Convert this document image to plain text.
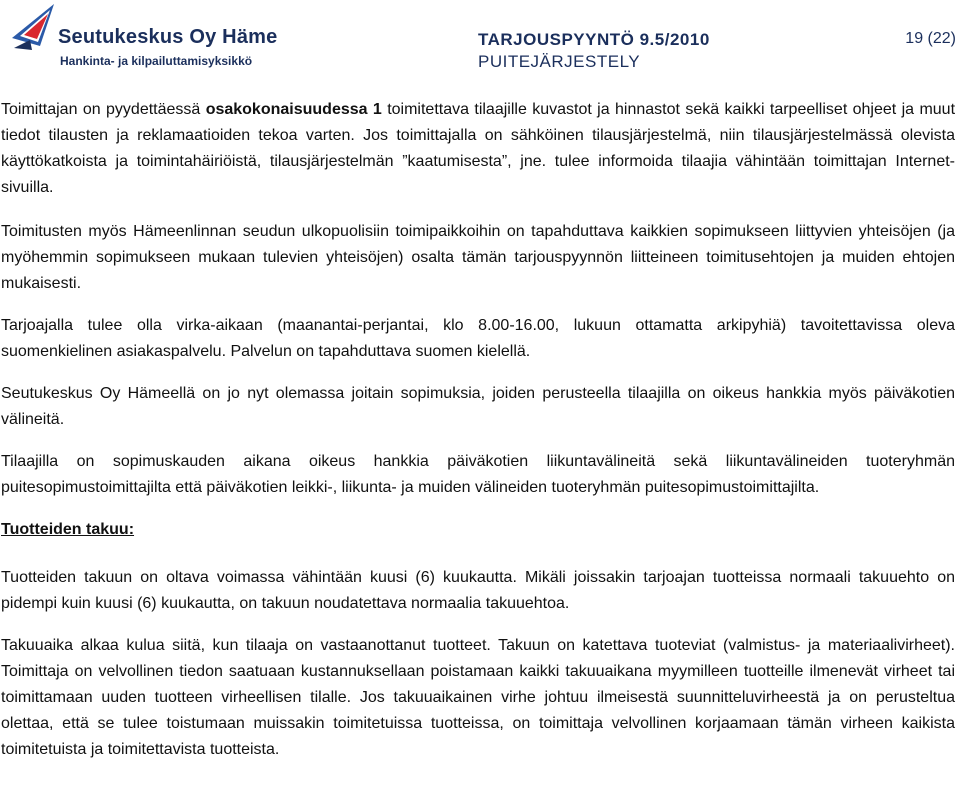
Seutukeskus Oy Häme
Hankinta- ja kilpailuttamisyksikkö
TARJOUSPYYNTÖ 9.5/2010
PUITEJÄRJESTELY
19 (22)

Toimittajan on pyydettäessä osakokonaisuudessa 1 toimitettava tilaajille kuvastot ja hinnastot sekä kaikki tarpeelliset ohjeet ja muut tiedot tilausten ja reklamaatioiden tekoa varten. Jos toimittajalla on sähköinen tilausjärjestelmä, niin tilausjärjestelmässä olevista käyttökatkoista ja toimintahäiriöistä, tilausjärjestelmän ”kaatumisesta”, jne. tulee informoida tilaajia vähintään toimittajan Internet-sivuilla.

Toimitusten myös Hämeenlinnan seudun ulkopuolisiin toimipaikkoihin on tapahduttava kaikkien sopimukseen liittyvien yhteisöjen (ja myöhemmin sopimukseen mukaan tulevien yhteisöjen) osalta tämän tarjouspyynnön liitteineen toimitusehtojen ja muiden ehtojen mukaisesti.

Tarjoajalla tulee olla virka-aikaan (maanantai-perjantai, klo 8.00-16.00, lukuun ottamatta arkipyhiä) tavoitettavissa oleva suomenkielinen asiakaspalvelu. Palvelun on tapahduttava suomen kielellä.

Seutukeskus Oy Hämeellä on jo nyt olemassa joitain sopimuksia, joiden perusteella tilaajilla on oikeus hankkia myös päiväkotien välineitä.

Tilaajilla on sopimuskauden aikana oikeus hankkia päiväkotien liikuntavälineitä sekä liikuntavälineiden tuoteryhmän puitesopimustoimittajilta että päiväkotien leikki-, liikunta- ja muiden välineiden tuoteryhmän puitesopimustoimittajilta.

Tuotteiden takuu:

Tuotteiden takuun on oltava voimassa vähintään kuusi (6) kuukautta. Mikäli joissakin tarjoajan tuotteissa normaali takuuehto on pidempi kuin kuusi (6) kuukautta, on takuun noudatettava normaalia takuuehtoa.

Takuuaika alkaa kulua siitä, kun tilaaja on vastaanottanut tuotteet. Takuun on katettava tuoteviat (valmistus- ja materiaalivirheet). Toimittaja on velvollinen tiedon saatuaan kustannuksellaan poistamaan kaikki takuuaikana myymilleen tuotteille ilmenevät virheet tai toimittamaan uuden tuotteen virheellisen tilalle. Jos takuuaikainen virhe johtuu ilmeisestä suunnitteluvirheestä ja on perusteltua olettaa, että se tulee toistumaan muissakin toimitetuissa tuotteissa, on toimittaja velvollinen korjaamaan tämän virheen kaikista toimitetuista ja toimitettavista tuotteista.
